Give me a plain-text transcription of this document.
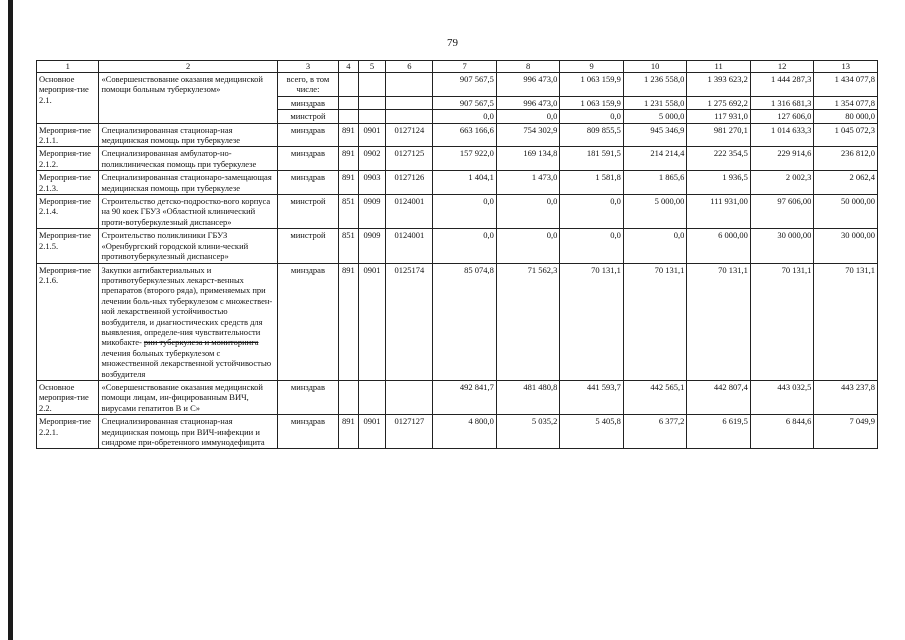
79
1	2	3	4	5	6	7	8	9	10	11	12	13
Основное мероприя-тие 2.1.	«Совершенствование оказания медицинской помощи больным туберкулезом»	всего, в том числе:				907 567,5	996 473,0	1 063 159,9	1 236 558,0	1 393 623,2	1 444 287,3	1 434 077,8
		минздрав				907 567,5	996 473,0	1 063 159,9	1 231 558,0	1 275 692,2	1 316 681,3	1 354 077,8
		минстрой				0,0	0,0	0,0	5 000,0	117 931,0	127 606,0	80 000,0
Мероприя-тие 2.1.1.	Специализированная стационар-ная медицинская помощь при туберкулезе	минздрав	891	0901	0127124	663 166,6	754 302,9	809 855,5	945 346,9	981 270,1	1 014 633,3	1 045 072,3
Мероприя-тие 2.1.2.	Специализированная амбулатор-но-поликлиническая помощь при туберкулезе	минздрав	891	0902	0127125	157 922,0	169 134,8	181 591,5	214 214,4	222 354,5	229 914,6	236 812,0
Мероприя-тие 2.1.3.	Специализированная стационаро-замещающая медицинская помощь при туберкулезе	минздрав	891	0903	0127126	1 404,1	1 473,0	1 581,8	1 865,6	1 936,5	2 002,3	2 062,4
Мероприя-тие 2.1.4.	Строительство детско-подростко-вого корпуса на 90 коек ГБУЗ «Областной клинический проти-вотуберкулезный диспансер»	минстрой	851	0909	0124001	0,0	0,0	0,0	5 000,00	111 931,00	97 606,00	50 000,00
Мероприя-тие 2.1.5.	Строительство поликлиники ГБУЗ «Оренбургский городской клини-ческий противотуберкулезный диспансер»	минстрой	851	0909	0124001	0,0	0,0	0,0	0,0	6 000,00	30 000,00	30 000,00
Мероприя-тие 2.1.6.	Закупки антибактериальных и противотуберкулезных лекарст-венных препаратов (второго ряда), применяемых при лечении боль-ных туберкулезом с множествен-ной лекарственной устойчивостью возбудителя, и диагностических средств для выявления, определе-ния чувствительности микобакте- рии туберкулеза и мониторинга лечения больных туберкулезом с множественной лекарственной устойчивостью возбудителя	минздрав	891	0901	0125174	85 074,8	71 562,3	70 131,1	70 131,1	70 131,1	70 131,1	70 131,1
Основное мероприя-тие 2.2.	«Совершенствование оказания медицинской помощи лицам, ин-фицированным ВИЧ, вирусами гепатитов В и С»	минздрав				492 841,7	481 480,8	441 593,7	442 565,1	442 807,4	443 032,5	443 237,8
Мероприя-тие 2.2.1.	Специализированная стационар-ная медицинская помощь при ВИЧ-инфекции и синдроме при-обретенного иммунодефицита	минздрав	891	0901	0127127	4 800,0	5 035,2	5 405,8	6 377,2	6 619,5	6 844,6	7 049,9
